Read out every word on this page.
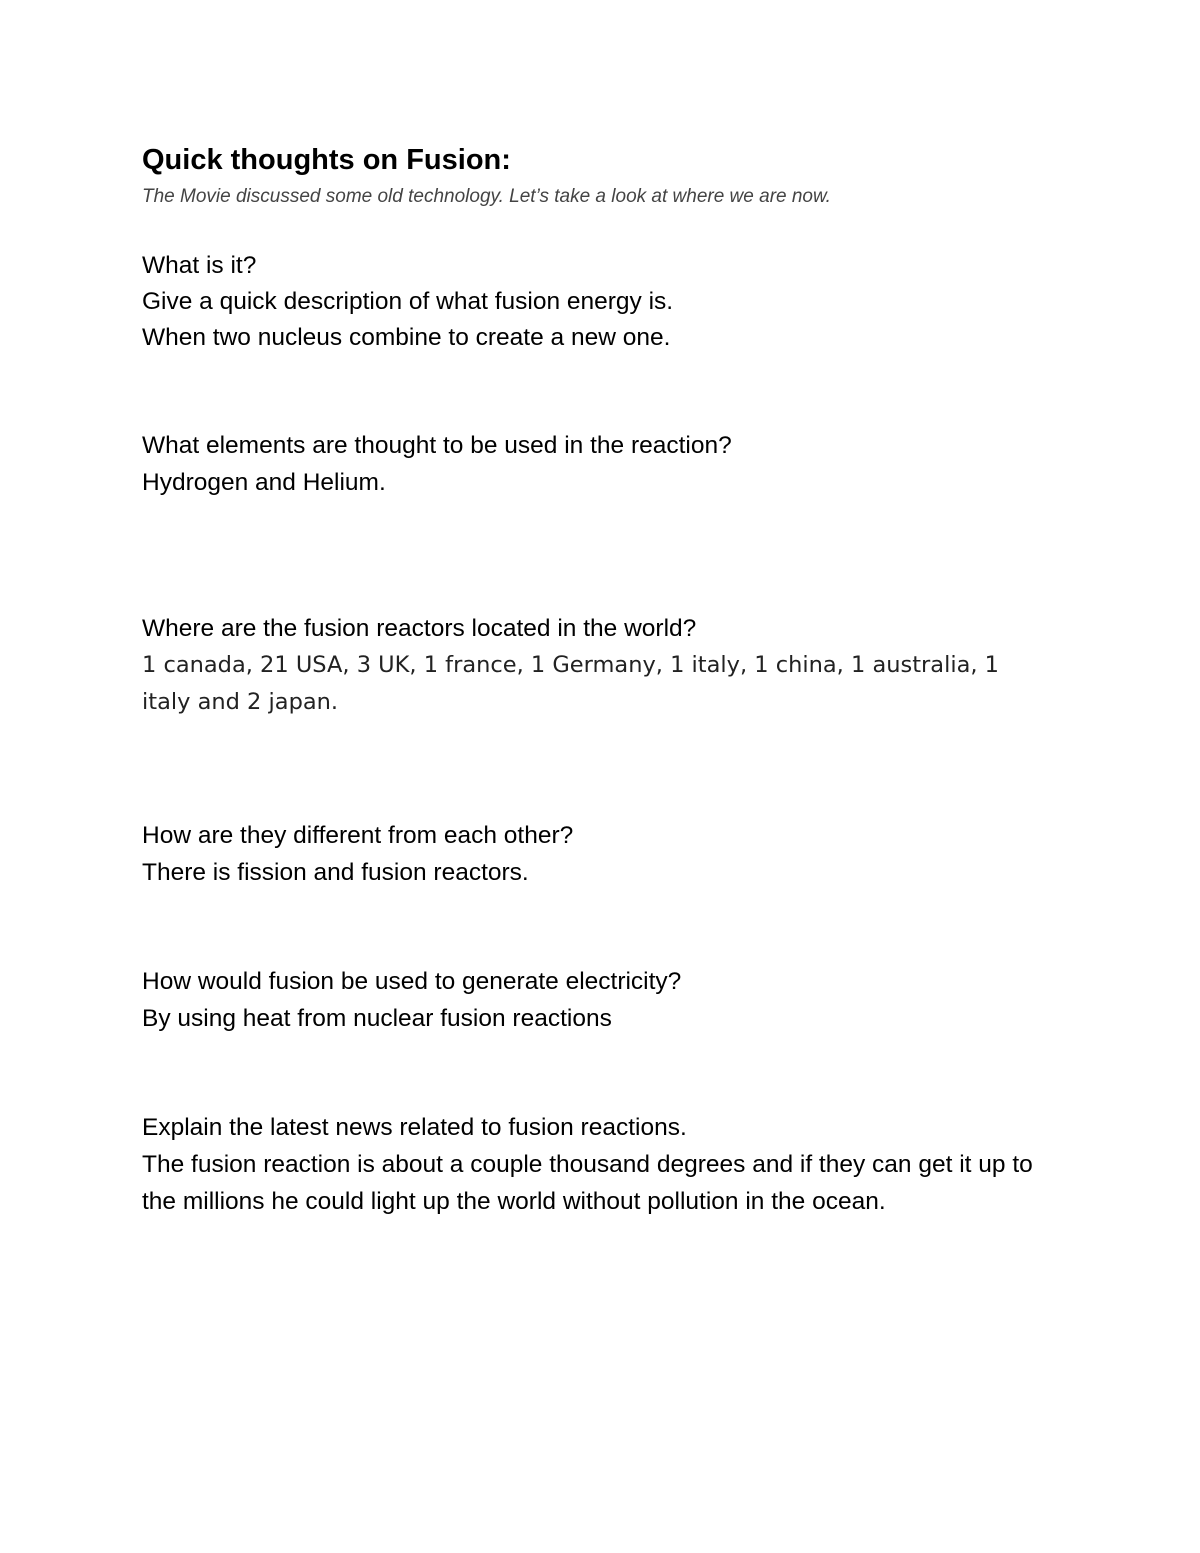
Quick thoughts on Fusion:

The Movie discussed some old technology. Let’s take a look at where we are now.

What is it?

Give a quick description of what fusion energy is.

When two nucleus combine to create a new one.

What elements are thought to be used in the reaction?

Hydrogen and Helium.

Where are the fusion reactors located in the world?

1 canada, 21 USA, 3 UK, 1 france, 1 Germany, 1 italy, 1 china, 1 australia, 1 italy and 2 japan.

How are they different from each other?

There is fission and fusion reactors.

How would fusion be used to generate electricity?

By using heat from nuclear fusion reactions

Explain the latest news related to fusion reactions.

The fusion reaction is about a couple thousand degrees and if they can get it up to the millions he could light up the world without pollution in the ocean.
